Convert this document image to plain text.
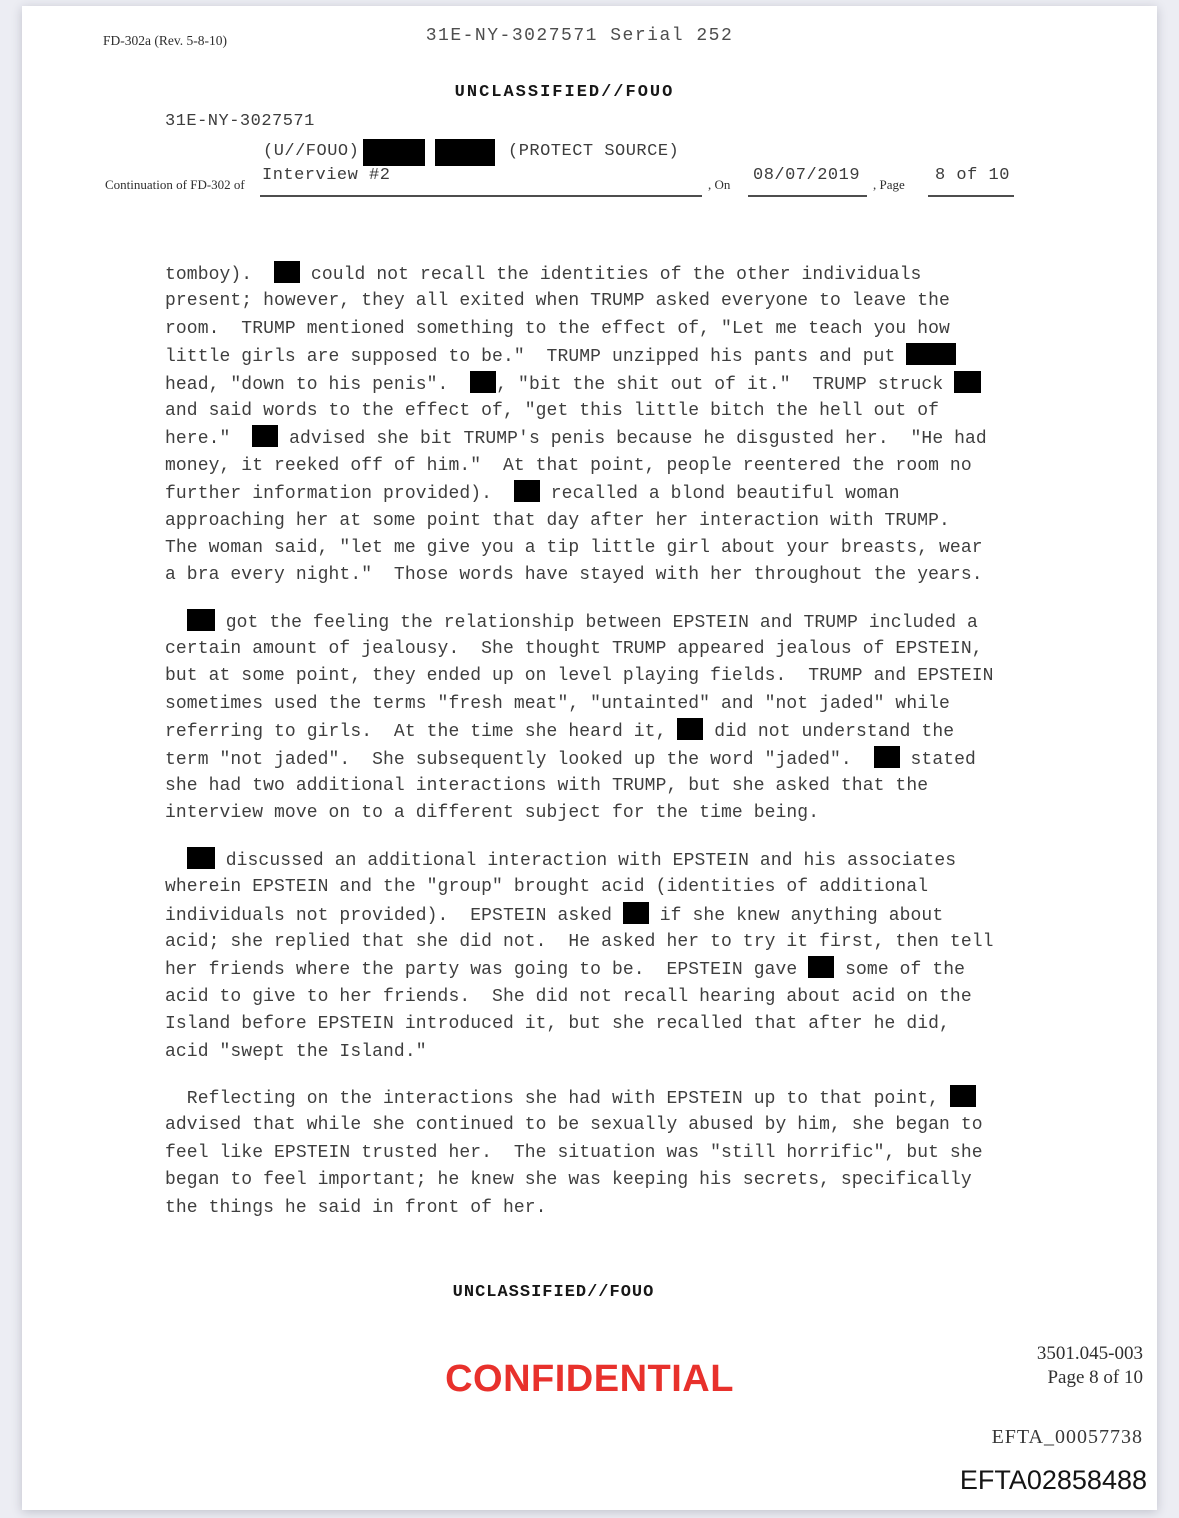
FD-302a (Rev. 5-8-10)	31E-NY-3027571 Serial 252
UNCLASSIFIED//FOUO
31E-NY-3027571
(U//FOUO)	(PROTECT SOURCE)
Continuation of FD-302 of Interview #2	, On 08/07/2019 , Page 8 of 10
tomboy).   could not recall the identities of the other individuals
present; however, they all exited when TRUMP asked everyone to leave the
room.  TRUMP mentioned something to the effect of, "Let me teach you how
little girls are supposed to be."  TRUMP unzipped his pants and put
head, "down to his penis".  , "bit the shit out of it."  TRUMP struck
and said words to the effect of, "get this little bitch the hell out of
here."   advised she bit TRUMP's penis because he disgusted her.  "He had
money, it reeked off of him."  At that point, people reentered the room no
further information provided).   recalled a blond beautiful woman
approaching her at some point that day after her interaction with TRUMP.
The woman said, "let me give you a tip little girl about your breasts, wear
a bra every night."  Those words have stayed with her throughout the years.
got the feeling the relationship between EPSTEIN and TRUMP included a
certain amount of jealousy.  She thought TRUMP appeared jealous of EPSTEIN,
but at some point, they ended up on level playing fields.  TRUMP and EPSTEIN
sometimes used the terms "fresh meat", "untainted" and "not jaded" while
referring to girls.  At the time she heard it,  did not understand the
term "not jaded".  She subsequently looked up the word "jaded".   stated
she had two additional interactions with TRUMP, but she asked that the
interview move on to a different subject for the time being.
discussed an additional interaction with EPSTEIN and his associates
wherein EPSTEIN and the "group" brought acid (identities of additional
individuals not provided).  EPSTEIN asked  if she knew anything about
acid; she replied that she did not.  He asked her to try it first, then tell
her friends where the party was going to be.  EPSTEIN gave  some of the
acid to give to her friends.  She did not recall hearing about acid on the
Island before EPSTEIN introduced it, but she recalled that after he did,
acid "swept the Island."
Reflecting on the interactions she had with EPSTEIN up to that point,
advised that while she continued to be sexually abused by him, she began to
feel like EPSTEIN trusted her.  The situation was "still horrific", but she
began to feel important; he knew she was keeping his secrets, specifically
the things he said in front of her.
UNCLASSIFIED//FOUO
CONFIDENTIAL
3501.045-003
Page 8 of 10
EFTA_00057738
EFTA02858488
